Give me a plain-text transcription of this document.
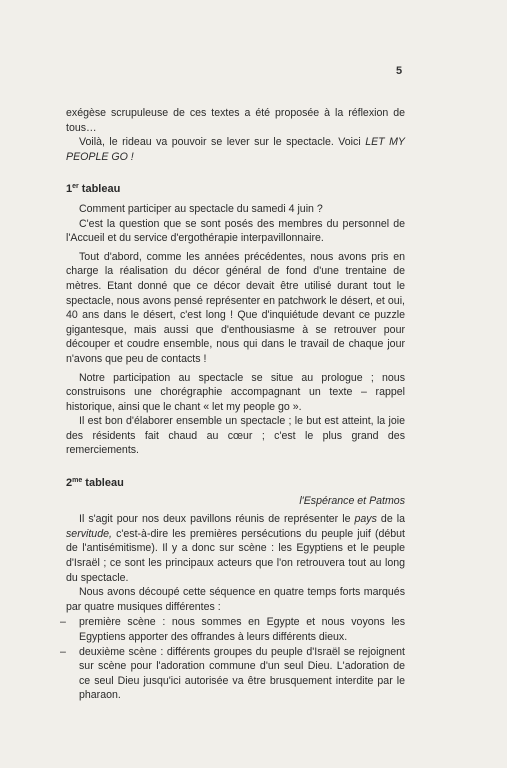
5

exégèse scrupuleuse de ces textes a été proposée à la réflexion de tous…

Voilà, le rideau va pouvoir se lever sur le spectacle. Voici LET MY PEOPLE GO !

1er tableau

Comment participer au spectacle du samedi 4 juin ?

C'est la question que se sont posés des membres du personnel de l'Accueil et du service d'ergothérapie interpavillonnaire.

Tout d'abord, comme les années précédentes, nous avons pris en charge la réalisation du décor général de fond d'une trentaine de mètres. Etant donné que ce décor devait être utilisé durant tout le spectacle, nous avons pensé représenter en patchwork le désert, et oui, 40 ans dans le désert, c'est long ! Que d'inquiétude devant ce puzzle gigantesque, mais aussi que d'enthousiasme à se retrouver pour découper et coudre ensemble, nous qui dans le travail de chaque jour n'avons que peu de contacts !

Notre participation au spectacle se situe au prologue ; nous construisons une chorégraphie accompagnant un texte – rappel historique, ainsi que le chant « let my people go ».

Il est bon d'élaborer ensemble un spectacle ; le but est atteint, la joie des résidents fait chaud au cœur ; c'est le plus grand des remerciements.

$2^{me}$ tableau

l'Espérance et Patmos

Il s'agit pour nos deux pavillons réunis de représenter le pays de la servitude, c'est-à-dire les premières persécutions du peuple juif (début de l'antisémitisme). Il y a donc sur scène : les Egyptiens et le peuple d'Israël ; ce sont les principaux acteurs que l'on retrouvera tout au long du spectacle.

Nous avons découpé cette séquence en quatre temps forts marqués par quatre musiques différentes :

– première scène : nous sommes en Egypte et nous voyons les Egyptiens apporter des offrandes à leurs différents dieux.

– deuxième scène : différents groupes du peuple d'Israël se rejoignent sur scène pour l'adoration commune d'un seul Dieu. L'adoration de ce seul Dieu jusqu'ici autorisée va être brusquement interdite par le pharaon.
